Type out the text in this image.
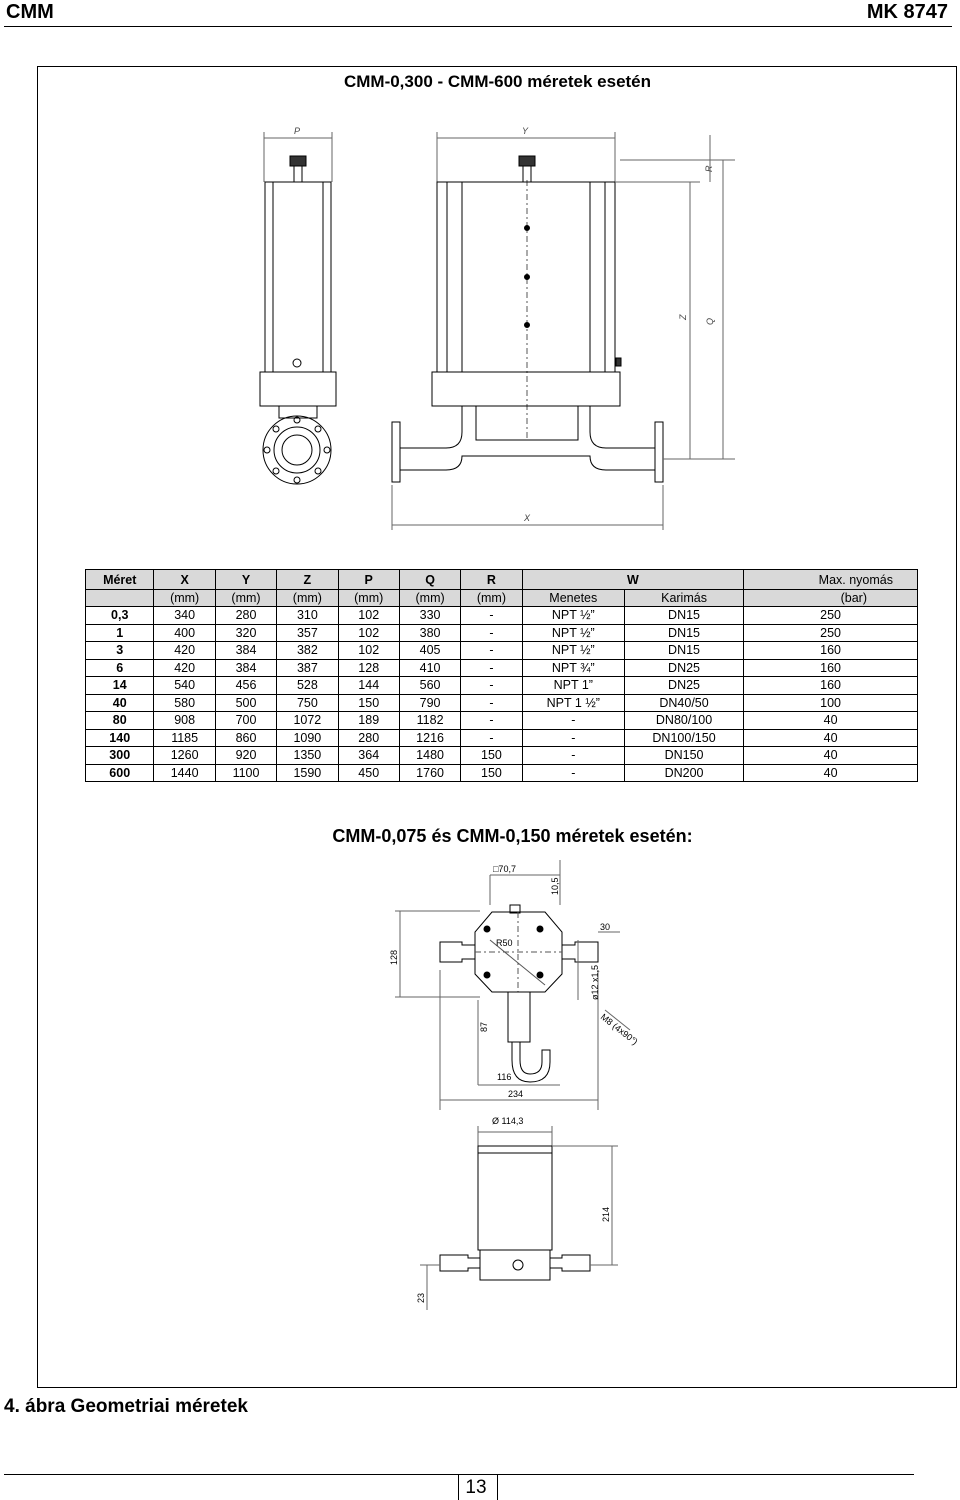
CMM	MK 8747
CMM-0,300 - CMM-600 méretek esetén
P	Y
R
Z
Q
X
□70,7
10,5
30
128
R50
ø12 x1,5
M8 (4x90°)
87
116
234
Ø 114,3
214
23
Méret	X	Y	Z	P	Q	R	W		Max. nyomás
	(mm)	(mm)	(mm)	(mm)	(mm)	(mm)	Menetes	Karimás	(bar)
0,3	340	280	310	102	330	-	NPT ½”	DN15	250
1	400	320	357	102	380	-	NPT ½”	DN15	250
3	420	384	382	102	405	-	NPT ½”	DN15	160
6	420	384	387	128	410	-	NPT ¾”	DN25	160
14	540	456	528	144	560	-	NPT 1”	DN25	160
40	580	500	750	150	790	-	NPT 1 ½”	DN40/50	100
80	908	700	1072	189	1182	-	-	DN80/100	40
140	1185	860	1090	280	1216	-	-	DN100/150	40
300	1260	920	1350	364	1480	150	-	DN150	40
600	1440	1100	1590	450	1760	150	-	DN200	40
CMM-0,075 és CMM-0,150 méretek esetén:
4. ábra Geometriai méretek
13
